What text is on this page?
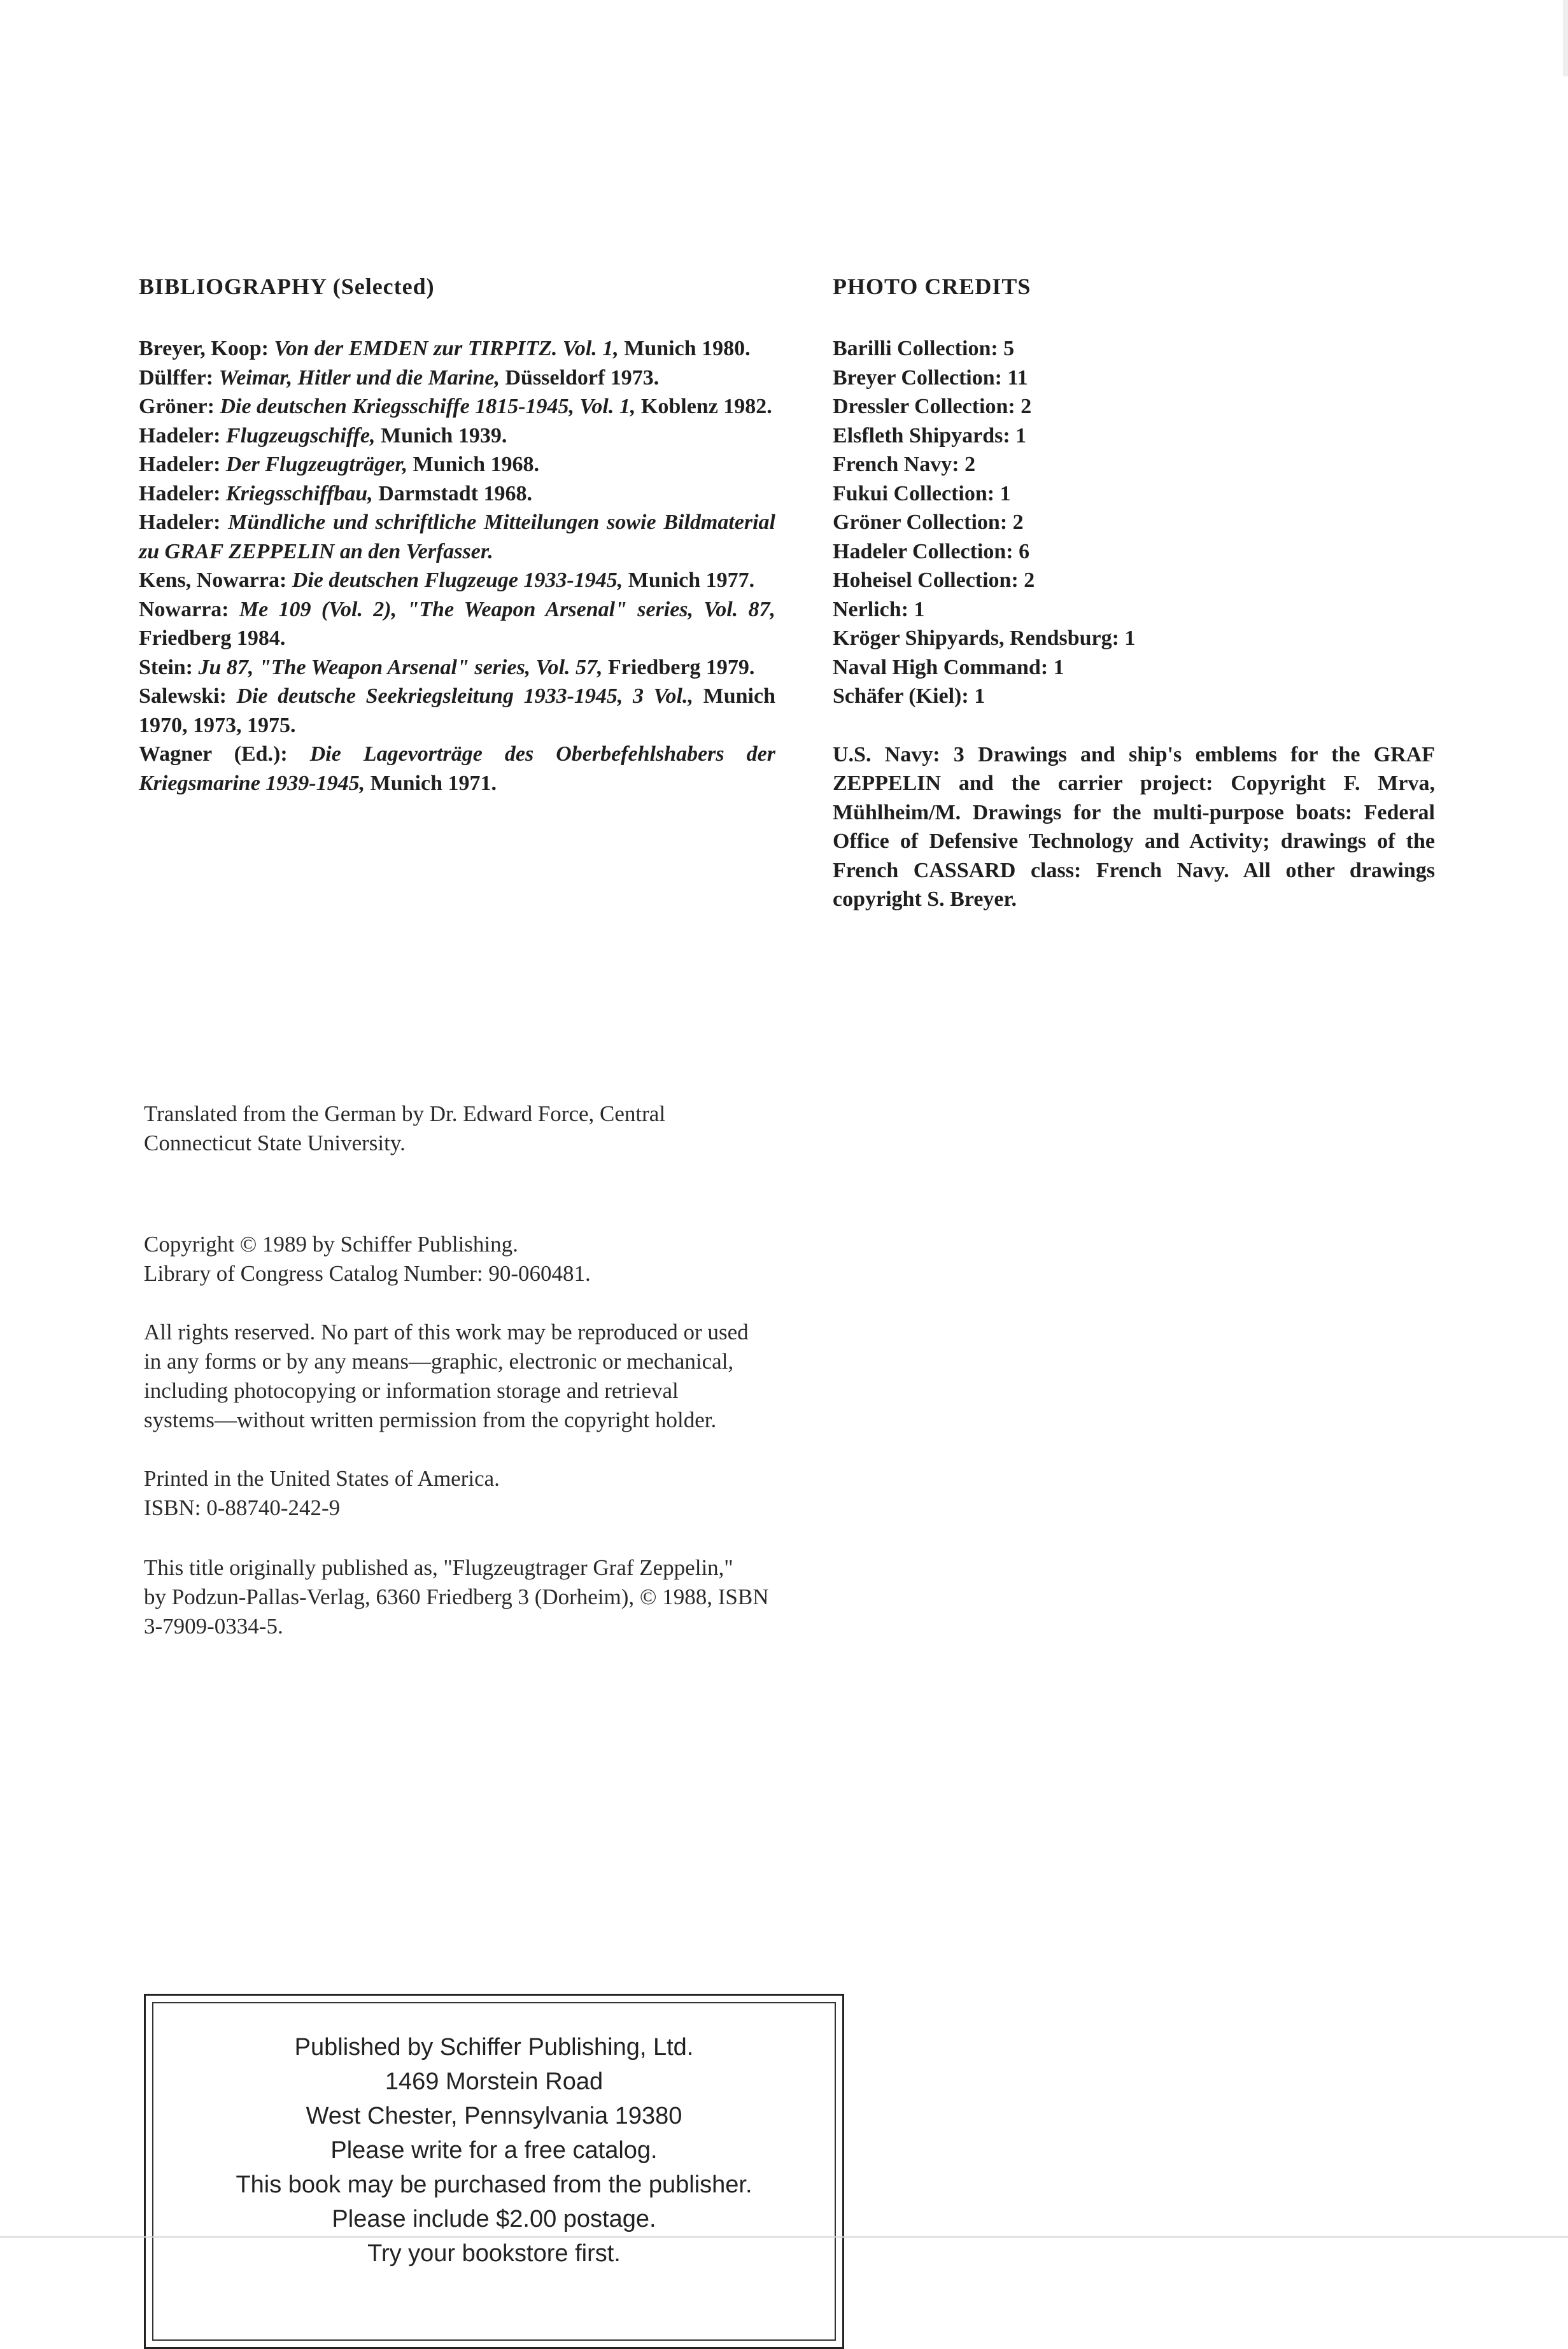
BIBLIOGRAPHY (Selected)
Breyer, Koop: Von der EMDEN zur TIRPITZ. Vol. 1, Munich 1980.
Dülffer: Weimar, Hitler und die Marine, Düsseldorf 1973.
Gröner: Die deutschen Kriegsschiffe 1815-1945, Vol. 1, Koblenz 1982.
Hadeler: Flugzeugschiffe, Munich 1939.
Hadeler: Der Flugzeugträger, Munich 1968.
Hadeler: Kriegsschiffbau, Darmstadt 1968.
Hadeler: Mündliche und schriftliche Mitteilungen sowie Bildmaterial zu GRAF ZEPPELIN an den Verfasser.
Kens, Nowarra: Die deutschen Flugzeuge 1933-1945, Munich 1977.
Nowarra: Me 109 (Vol. 2), "The Weapon Arsenal" series, Vol. 87, Friedberg 1984.
Stein: Ju 87, "The Weapon Arsenal" series, Vol. 57, Friedberg 1979.
Salewski: Die deutsche Seekriegsleitung 1933-1945, 3 Vol., Munich 1970, 1973, 1975.
Wagner (Ed.): Die Lagevorträge des Oberbefehlshabers der Kriegsmarine 1939-1945, Munich 1971.
PHOTO CREDITS
Barilli Collection: 5
Breyer Collection: 11
Dressler Collection: 2
Elsfleth Shipyards: 1
French Navy: 2
Fukui Collection: 1
Gröner Collection: 2
Hadeler Collection: 6
Hoheisel Collection: 2
Nerlich: 1
Kröger Shipyards, Rendsburg: 1
Naval High Command: 1
Schäfer (Kiel): 1
U.S. Navy: 3 Drawings and ship's emblems for the GRAF ZEPPELIN and the carrier project: Copyright F. Mrva, Mühlheim/M. Drawings for the multi-purpose boats: Federal Office of Defensive Technology and Activity; drawings of the French CASSARD class: French Navy. All other drawings copyright S. Breyer.
Translated from the German by Dr. Edward Force, Central
Connecticut State University.
Copyright © 1989 by Schiffer Publishing.
Library of Congress Catalog Number: 90-060481.
All rights reserved. No part of this work may be reproduced or used
in any forms or by any means—graphic, electronic or mechanical,
including photocopying or information storage and retrieval
systems—without written permission from the copyright holder.
Printed in the United States of America.
ISBN: 0-88740-242-9
This title originally published as, "Flugzeugtrager Graf Zeppelin,"
by Podzun-Pallas-Verlag, 6360 Friedberg 3 (Dorheim), © 1988, ISBN
3-7909-0334-5.
Published by Schiffer Publishing, Ltd.
1469 Morstein Road
West Chester, Pennsylvania 19380
Please write for a free catalog.
This book may be purchased from the publisher.
Please include $2.00 postage.
Try your bookstore first.
